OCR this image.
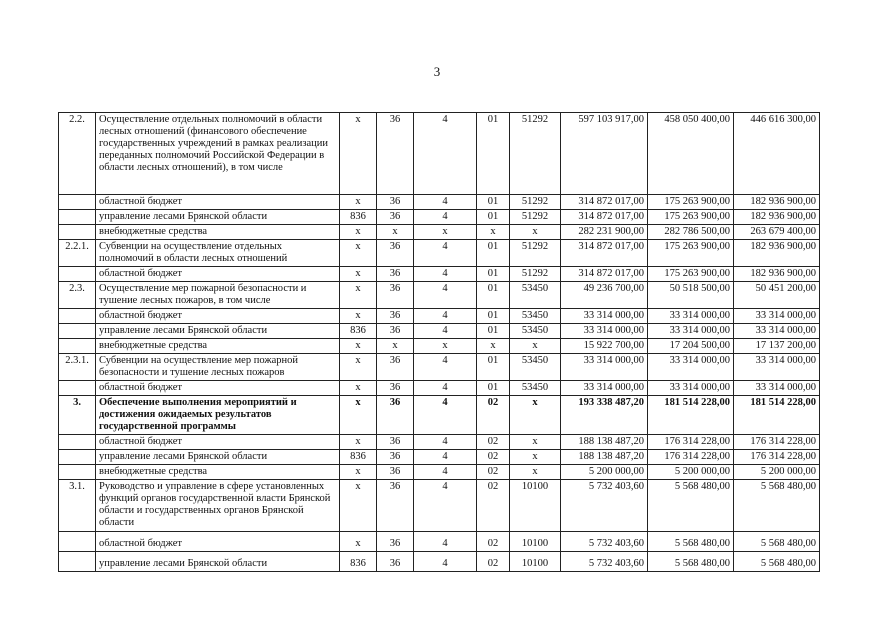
3
2.2.	Осуществление отдельных полномочий в области лесных отношений (финансового обеспечение государственных учреждений в рамках реализации переданных полномочий Российской Федерации в области лесных отношений), в том числе	х	36	4	01	51292	597 103 917,00	458 050 400,00	446 616 300,00
	областной бюджет	х	36	4	01	51292	314 872 017,00	175 263 900,00	182 936 900,00
	управление лесами Брянской области	836	36	4	01	51292	314 872 017,00	175 263 900,00	182 936 900,00
	внебюджетные средства	х	х	х	х	х	282 231 900,00	282 786 500,00	263 679 400,00
2.2.1.	Субвенции на осуществление отдельных полномочий в области лесных отношений	х	36	4	01	51292	314 872 017,00	175 263 900,00	182 936 900,00
	областной бюджет	х	36	4	01	51292	314 872 017,00	175 263 900,00	182 936 900,00
2.3.	Осуществление мер пожарной безопасности и тушение лесных пожаров, в том числе	х	36	4	01	53450	49 236 700,00	50 518 500,00	50 451 200,00
	областной бюджет	х	36	4	01	53450	33 314 000,00	33 314 000,00	33 314 000,00
	управление лесами Брянской области	836	36	4	01	53450	33 314 000,00	33 314 000,00	33 314 000,00
	внебюджетные средства	х	х	х	х	х	15 922 700,00	17 204 500,00	17 137 200,00
2.3.1.	Субвенции на осуществление мер пожарной безопасности и тушение лесных пожаров	х	36	4	01	53450	33 314 000,00	33 314 000,00	33 314 000,00
	областной бюджет	х	36	4	01	53450	33 314 000,00	33 314 000,00	33 314 000,00
3.	Обеспечение выполнения мероприятий и достижения ожидаемых результатов государственной программы	х	36	4	02	х	193 338 487,20	181 514 228,00	181 514 228,00
	областной бюджет	х	36	4	02	х	188 138 487,20	176 314 228,00	176 314 228,00
	управление лесами Брянской области	836	36	4	02	х	188 138 487,20	176 314 228,00	176 314 228,00
	внебюджетные средства	х	36	4	02	х	5 200 000,00	5 200 000,00	5 200 000,00
3.1.	Руководство и управление в сфере установленных функций органов государственной власти Брянской области и государственных органов Брянской области	х	36	4	02	10100	5 732 403,60	5 568 480,00	5 568 480,00
	областной бюджет	х	36	4	02	10100	5 732 403,60	5 568 480,00	5 568 480,00
	управление лесами Брянской области	836	36	4	02	10100	5 732 403,60	5 568 480,00	5 568 480,00
